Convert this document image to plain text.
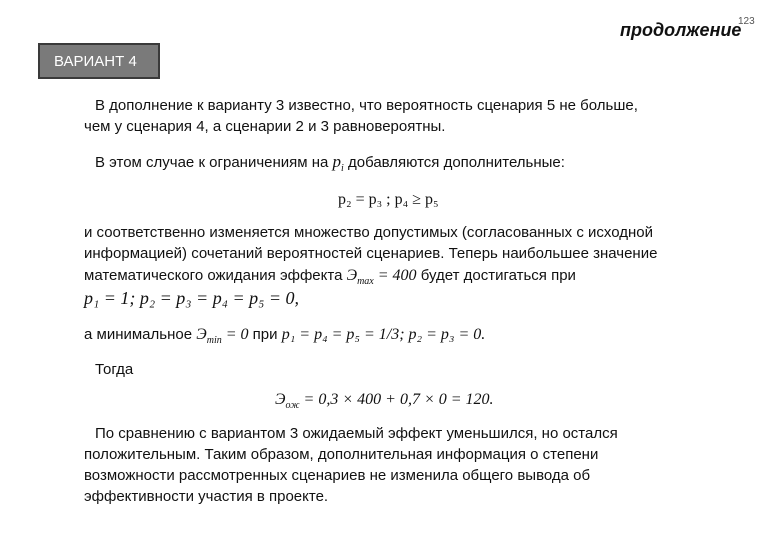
123
продолжение
ВАРИАНТ 4
В дополнение к варианту 3 известно, что вероятность сценария 5 не больше,
чем у сценария 4, а сценарии 2 и 3 равновероятны.
В этом случае к ограничениям на $p_i$ добавляются дополнительные:
p₂ = p₃ ; p₄ ≥ p₅
и соответственно изменяется множество допустимых (согласованных с исходной
информацией) сочетаний вероятностей сценариев. Теперь наибольшее значение
математического ожидания эффекта $Э_{max} = 400$ будет достигаться при
p₁ = 1; p₂ = p₃ = p₄ = p₅ = 0,
а минимальное $Э_{min} = 0$ при p₁ = p₄ = p₅ = 1/3; p₂ = p₃ = 0.
Тогда
$Э_{ож} = 0,3 \times 400 + 0,7 \times 0 = 120$.
По сравнению с вариантом 3 ожидаемый эффект уменьшился, но остался
положительным. Таким образом, дополнительная информация о степени
возможности рассмотренных сценариев не изменила общего вывода об
эффективности участия в проекте.
